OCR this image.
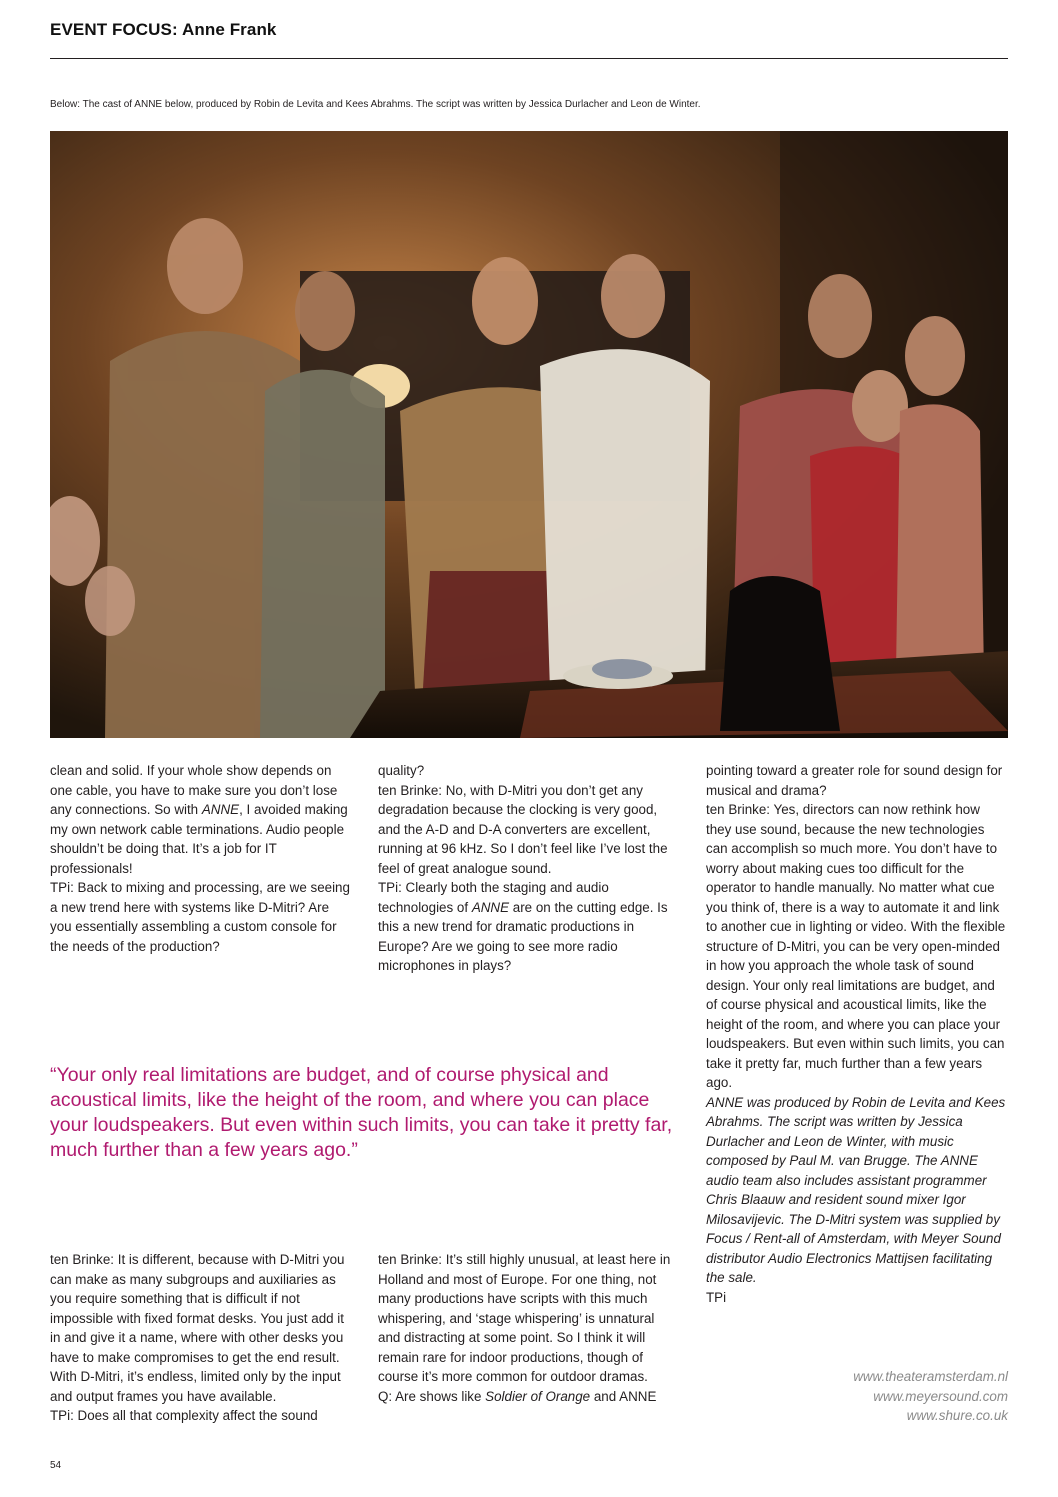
EVENT FOCUS: Anne Frank
Below: The cast of ANNE below, produced by Robin de Levita and Kees Abrahms. The script was written by Jessica Durlacher and Leon de Winter.

clean and solid. If your whole show depends on one cable, you have to make sure you don’t lose any connections. So with ANNE, I avoided making my own network cable terminations. Audio people shouldn’t be doing that. It’s a job for IT professionals!

TPi: Back to mixing and processing, are we seeing a new trend here with systems like D-Mitri? Are you essentially assembling a custom console for the needs of the production?

quality?

ten Brinke: No, with D-Mitri you don’t get any degradation because the clocking is very good, and the A-D and D-A converters are excellent, running at 96 kHz. So I don’t feel like I’ve lost the feel of great analogue sound.

TPi: Clearly both the staging and audio technologies of ANNE are on the cutting edge. Is this a new trend for dramatic productions in Europe? Are we going to see more radio microphones in plays?

pointing toward a greater role for sound design for musical and drama?

ten Brinke: Yes, directors can now rethink how they use sound, because the new technologies can accomplish so much more. You don’t have to worry about making cues too difficult for the operator to handle manually. No matter what cue you think of, there is a way to automate it and link to another cue in lighting or video. With the flexible structure of D-Mitri, you can be very open-minded in how you approach the whole task of sound design. Your only real limitations are budget, and of course physical and acoustical limits, like the height of the room, and where you can place your loudspeakers. But even within such limits, you can take it pretty far, much further than a few years ago.

ANNE was produced by Robin de Levita and Kees Abrahms. The script was written by Jessica Durlacher and Leon de Winter, with music composed by Paul M. van Brugge. The ANNE audio team also includes assistant programmer Chris Blaauw and resident sound mixer Igor Milosavijevic. The D-Mitri system was supplied by Focus / Rent-all of Amsterdam, with Meyer Sound distributor Audio Electronics Mattijsen facilitating the sale.

TPi

“Your only real limitations are budget, and of course physical and acoustical limits, like the height of the room, and where you can place your loudspeakers. But even within such limits, you can take it pretty far, much further than a few years ago.”

ten Brinke: It is different, because with D-Mitri you can make as many subgroups and auxiliaries as you require something that is difficult if not impossible with fixed format desks. You just add it in and give it a name, where with other desks you have to make compromises to get the end result. With D-Mitri, it’s endless, limited only by the input and output frames you have available.

TPi: Does all that complexity affect the sound

ten Brinke: It’s still highly unusual, at least here in Holland and most of Europe. For one thing, not many productions have scripts with this much whispering, and ‘stage whispering’ is unnatural and distracting at some point. So I think it will remain rare for indoor productions, though of course it’s more common for outdoor dramas.

Q: Are shows like Soldier of Orange and ANNE

www.theateramsterdam.nl
www.meyersound.com
www.shure.co.uk
54
